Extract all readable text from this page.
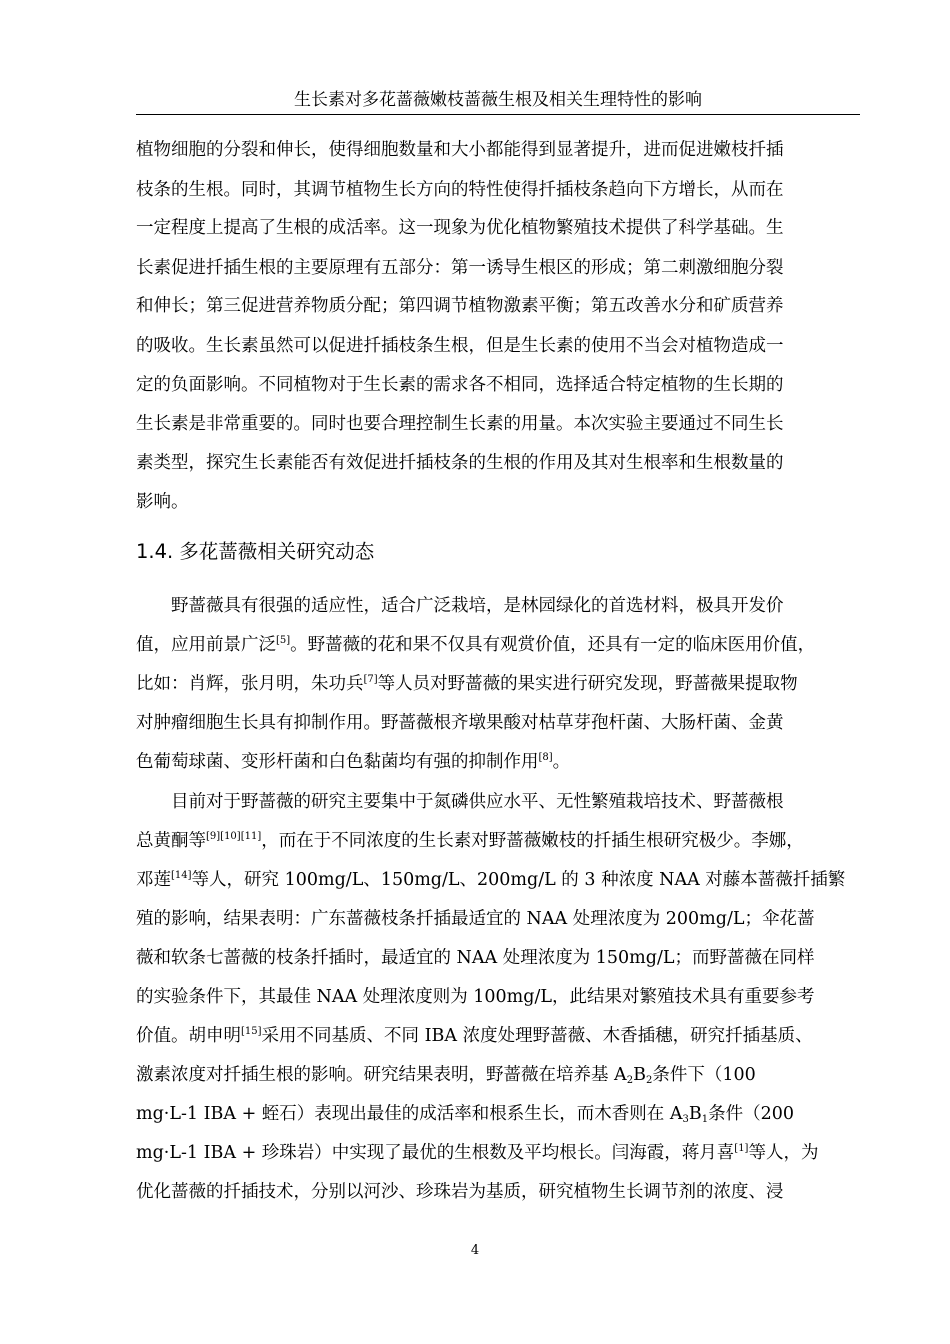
生长素对多花蔷薇嫩枝蔷薇生根及相关生理特性的影响
植物细胞的分裂和伸长，使得细胞数量和大小都能得到显著提升，进而促进嫩枝扦插
枝条的生根。同时，其调节植物生长方向的特性使得扦插枝条趋向下方增长，从而在
一定程度上提高了生根的成活率。这一现象为优化植物繁殖技术提供了科学基础。生
长素促进扦插生根的主要原理有五部分：第一诱导生根区的形成；第二刺激细胞分裂
和伸长；第三促进营养物质分配；第四调节植物激素平衡；第五改善水分和矿质营养
的吸收。生长素虽然可以促进扦插枝条生根，但是生长素的使用不当会对植物造成一
定的负面影响。不同植物对于生长素的需求各不相同，选择适合特定植物的生长期的
生长素是非常重要的。同时也要合理控制生长素的用量。本次实验主要通过不同生长
素类型，探究生长素能否有效促进扦插枝条的生根的作用及其对生根率和生根数量的
影响。
1.4. 多花蔷薇相关研究动态
野蔷薇具有很强的适应性，适合广泛栽培，是林园绿化的首选材料，极具开发价
值，应用前景广泛[5]。野蔷薇的花和果不仅具有观赏价值，还具有一定的临床医用价值，
比如：肖辉，张月明，朱功兵[7]等人员对野蔷薇的果实进行研究发现，野蔷薇果提取物
对肿瘤细胞生长具有抑制作用。野蔷薇根齐墩果酸对枯草芽孢杆菌、大肠杆菌、金黄
色葡萄球菌、变形杆菌和白色黏菌均有强的抑制作用[8]。
目前对于野蔷薇的研究主要集中于氮磷供应水平、无性繁殖栽培技术、野蔷薇根
总黄酮等[9][10][11]，而在于不同浓度的生长素对野蔷薇嫩枝的扦插生根研究极少。李娜，
邓莲[14]等人，研究 100mg/L、150mg/L、200mg/L 的 3 种浓度 NAA 对藤本蔷薇扦插繁
殖的影响，结果表明：广东蔷薇枝条扦插最适宜的 NAA 处理浓度为 200mg/L；伞花蔷
薇和软条七蔷薇的枝条扦插时，最适宜的 NAA 处理浓度为 150mg/L；而野蔷薇在同样
的实验条件下，其最佳 NAA 处理浓度则为 100mg/L，此结果对繁殖技术具有重要参考
价值。胡申明[15]采用不同基质、不同 IBA 浓度处理野蔷薇、木香插穗，研究扦插基质、
激素浓度对扦插生根的影响。研究结果表明，野蔷薇在培养基 $A_2B_2$条件下（100
mg·L-1 IBA + 蛭石）表现出最佳的成活率和根系生长，而木香则在 $A_3B_1$条件（200
mg·L-1 IBA + 珍珠岩）中实现了最优的生根数及平均根长。闫海霞，蒋月喜[1]等人，为
优化蔷薇的扦插技术，分别以河沙、珍珠岩为基质，研究植物生长调节剂的浓度、浸
4
